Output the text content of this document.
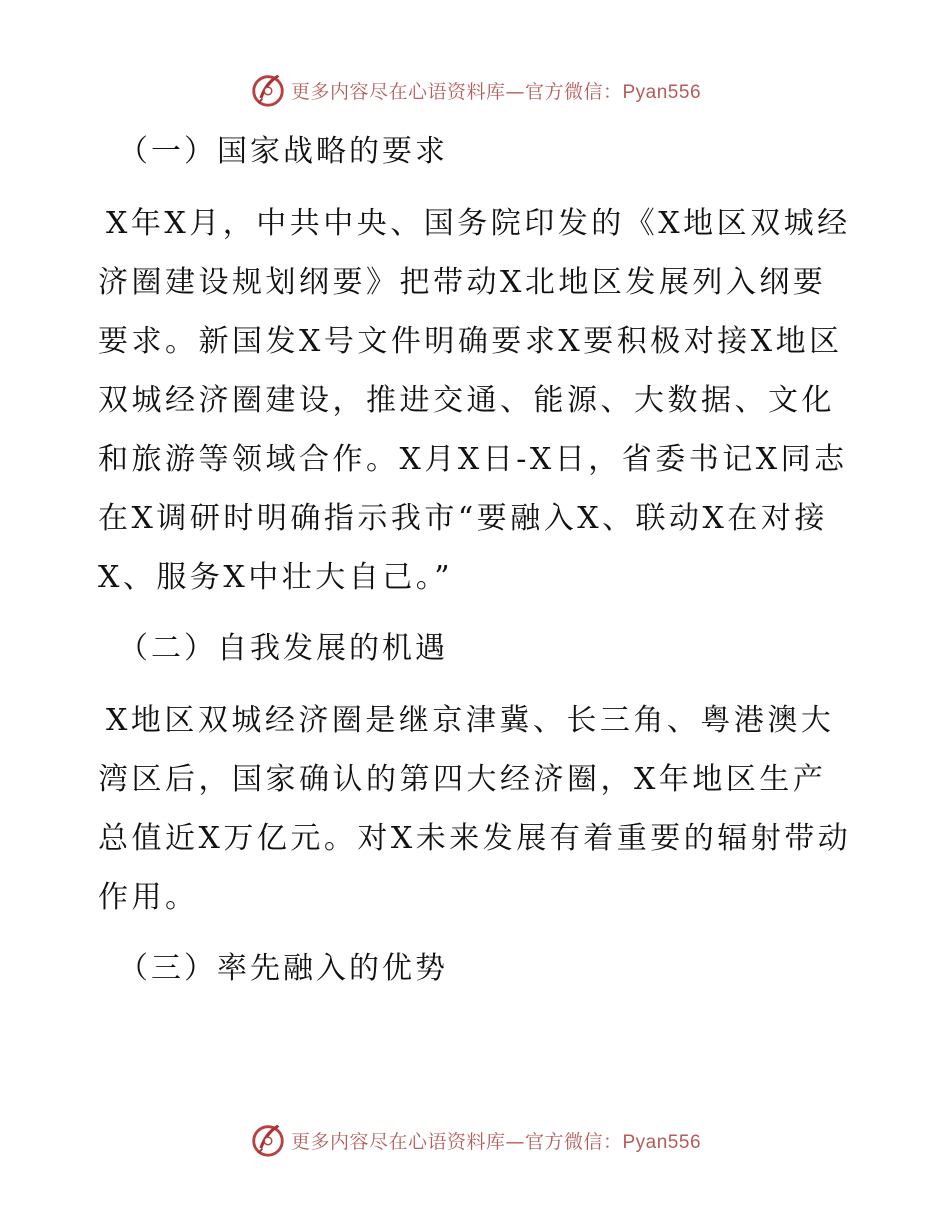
更多内容尽在心语资料库—官方微信：Pyan556
（一）国家战略的要求
X年X月，中共中央、国务院印发的《X地区双城经济圈建设规划纲要》把带动X北地区发展列入纲要要求。新国发X号文件明确要求X要积极对接X地区双城经济圈建设，推进交通、能源、大数据、文化和旅游等领域合作。X月X日-X日，省委书记X同志在X调研时明确指示我市“要融入X、联动X在对接X、服务X中壮大自己。”
（二）自我发展的机遇
X地区双城经济圈是继京津冀、长三角、粤港澳大湾区后，国家确认的第四大经济圈，X年地区生产总值近X万亿元。对X未来发展有着重要的辐射带动作用。
（三）率先融入的优势
更多内容尽在心语资料库—官方微信：Pyan556
